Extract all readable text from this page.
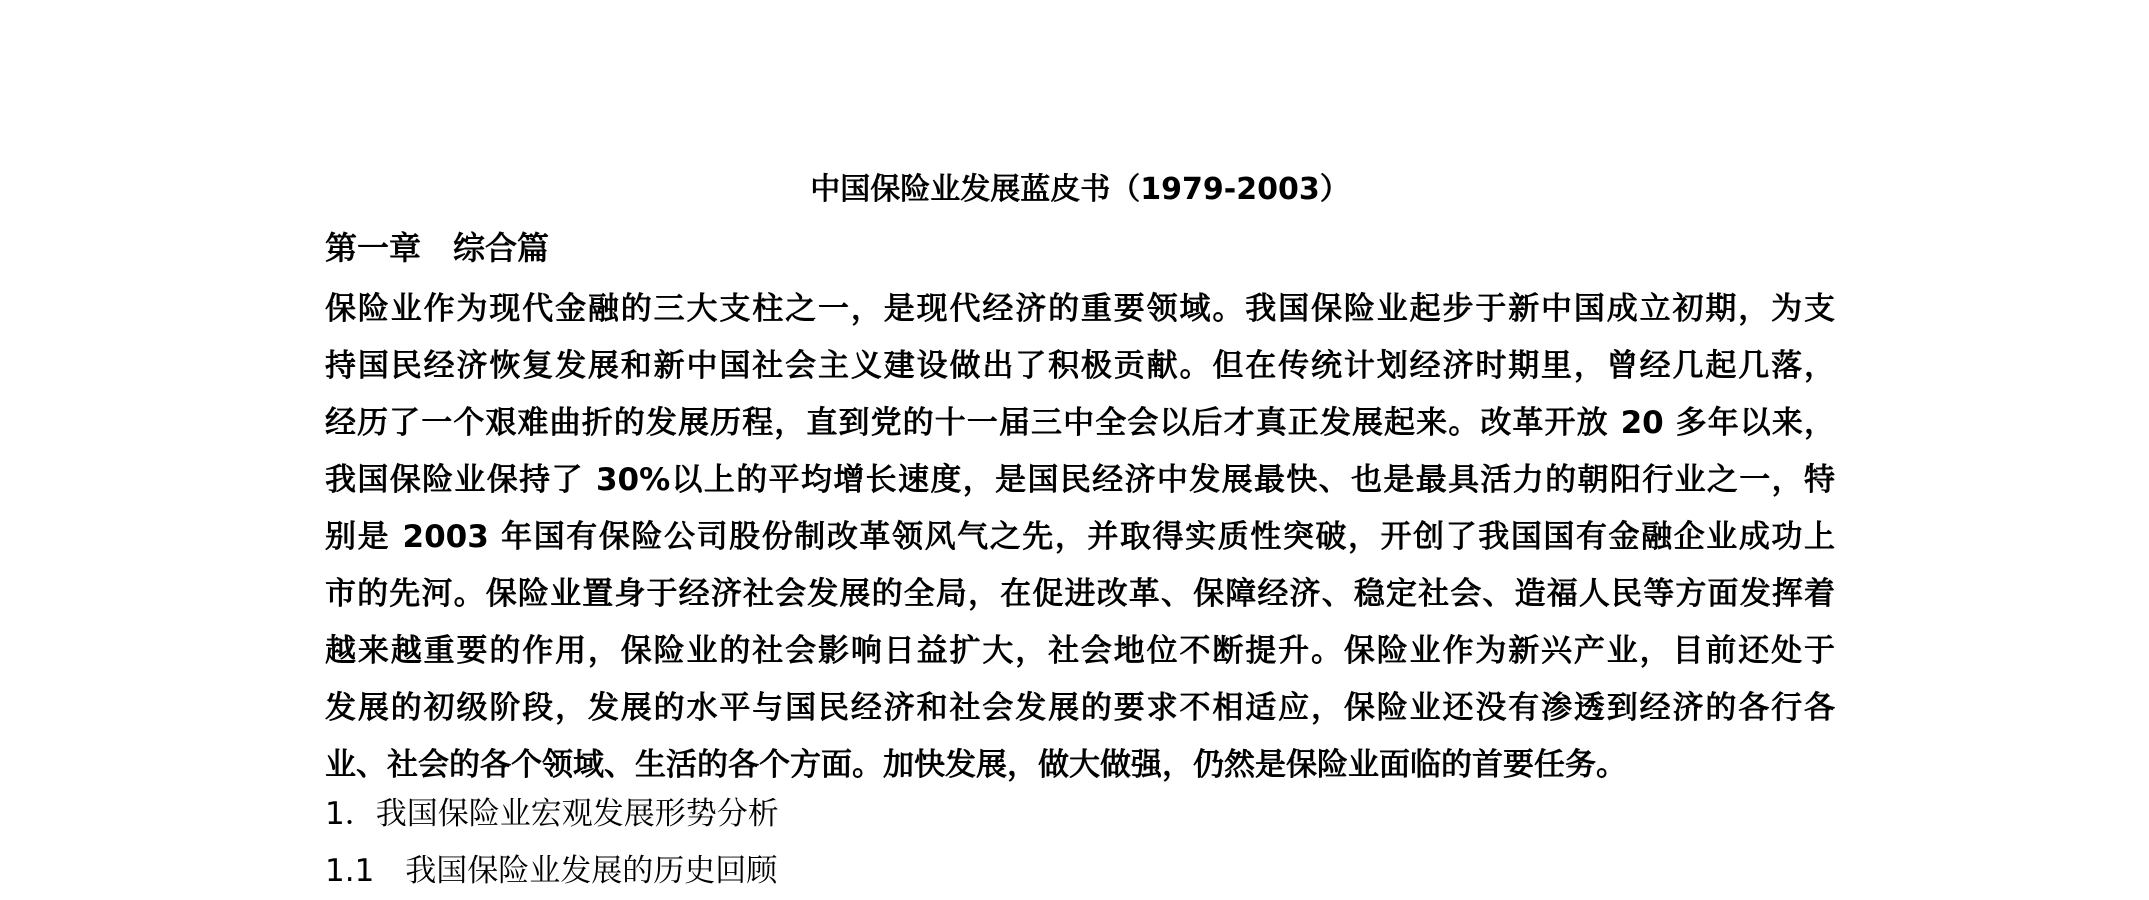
中国保险业发展蓝皮书（1979-2003）
第一章　综合篇
保险业作为现代金融的三大支柱之一，是现代经济的重要领域。我国保险业起步于新中国成立初期，为支
持国民经济恢复发展和新中国社会主义建设做出了积极贡献。但在传统计划经济时期里，曾经几起几落，
经历了一个艰难曲折的发展历程，直到党的十一届三中全会以后才真正发展起来。改革开放 20 多年以来，
我国保险业保持了 30%以上的平均增长速度，是国民经济中发展最快、也是最具活力的朝阳行业之一，特
别是 2003 年国有保险公司股份制改革领风气之先，并取得实质性突破，开创了我国国有金融企业成功上
市的先河。保险业置身于经济社会发展的全局，在促进改革、保障经济、稳定社会、造福人民等方面发挥着
越来越重要的作用，保险业的社会影响日益扩大，社会地位不断提升。保险业作为新兴产业，目前还处于
发展的初级阶段，发展的水平与国民经济和社会发展的要求不相适应，保险业还没有渗透到经济的各行各
业、社会的各个领域、生活的各个方面。加快发展，做大做强，仍然是保险业面临的首要任务。
1．我国保险业宏观发展形势分析
1.1　我国保险业发展的历史回顾
